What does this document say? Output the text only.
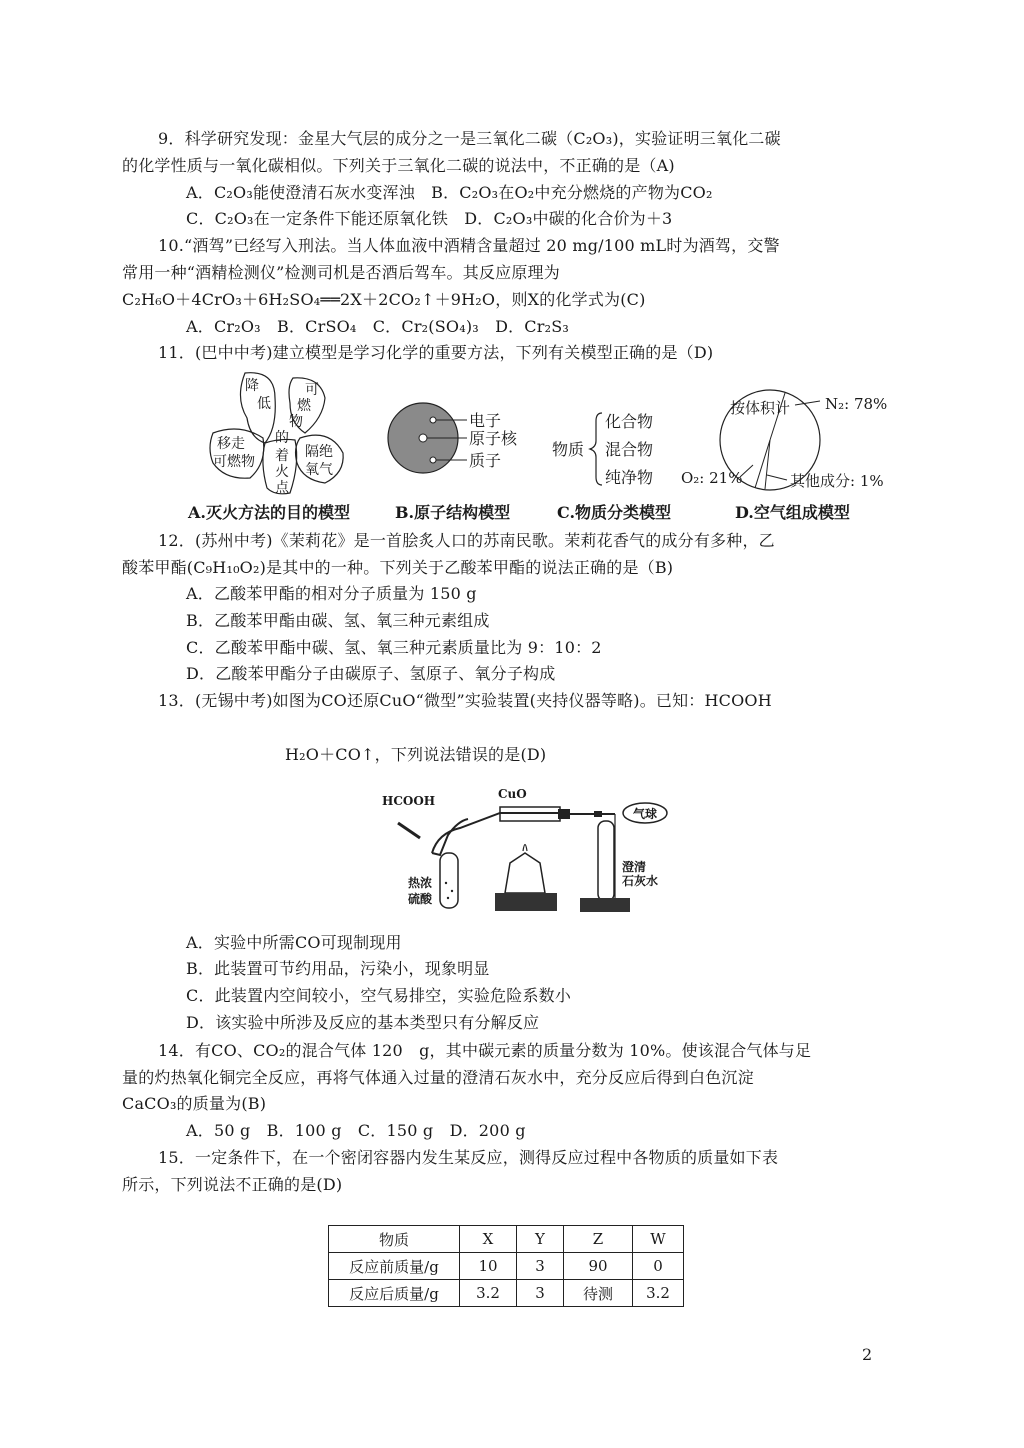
9．科学研究发现：金星大气层的成分之一是三氧化二碳（C₂O₃)，实验证明三氧化二碳
的化学性质与一氧化碳相似。下列关于三氧化二碳的说法中，不正确的是（A)
A．C₂O₃能使澄清石灰水变浑浊　B．C₂O₃在O₂中充分燃烧的产物为CO₂
C．C₂O₃在一定条件下能还原氧化铁　D．C₂O₃中碳的化合价为＋3
10.“酒驾”已经写入刑法。当人体血液中酒精含量超过 20 mg/100 mL时为酒驾，交警
常用一种“酒精检测仪”检测司机是否酒后驾车。其反应原理为
C₂H₆O＋4CrO₃＋6H₂SO₄══2X＋2CO₂↑＋9H₂O，则X的化学式为(C)
A．Cr₂O₃　B．CrSO₄　C．Cr₂(SO₄)₃　D．Cr₂S₃
11．(巴中中考)建立模型是学习化学的重要方法，下列有关模型正确的是（D)
降
低
可
燃
物
的
着
火
点
移走
可燃物
隔绝
氧气
电子
原子核
质子
物质
化合物
混合物
纯净物
按体积计 N₂: 78%
O₂: 21%	其他成分: 1%
A.灭火方法的目的模型	B.原子结构模型	C.物质分类模型	D.空气组成模型
12．(苏州中考)《茉莉花》是一首脍炙人口的苏南民歌。茉莉花香气的成分有多种，乙
酸苯甲酯(C₉H₁₀O₂)是其中的一种。下列关于乙酸苯甲酯的说法正确的是（B)
A．乙酸苯甲酯的相对分子质量为 150 g
B．乙酸苯甲酯由碳、氢、氧三种元素组成
C．乙酸苯甲酯中碳、氢、氧三种元素质量比为 9：10：2
D．乙酸苯甲酯分子由碳原子、氢原子、氧分子构成
13．(无锡中考)如图为CO还原CuO“微型”实验装置(夹持仪器等略)。已知：HCOOH
H₂O＋CO↑，下列说法错误的是(D)
HCOOH	CuO
气球
澄清
石灰水
热浓
硫酸
A．实验中所需CO可现制现用
B．此装置可节约用品，污染小，现象明显
C．此装置内空间较小，空气易排空，实验危险系数小
D．该实验中所涉及反应的基本类型只有分解反应
14．有CO、CO₂的混合气体 120　g，其中碳元素的质量分数为 10%。使该混合气体与足
量的灼热氧化铜完全反应，再将气体通入过量的澄清石灰水中，充分反应后得到白色沉淀
CaCO₃的质量为(B)
A．50 g　B．100 g　C．150 g　D．200 g
15．一定条件下，在一个密闭容器内发生某反应，测得反应过程中各物质的质量如下表
所示，下列说法不正确的是(D)
物质	X	Y	Z	W
反应前质量/g	10	3	90	0
反应后质量/g	3.2	3	待测	3.2
2
